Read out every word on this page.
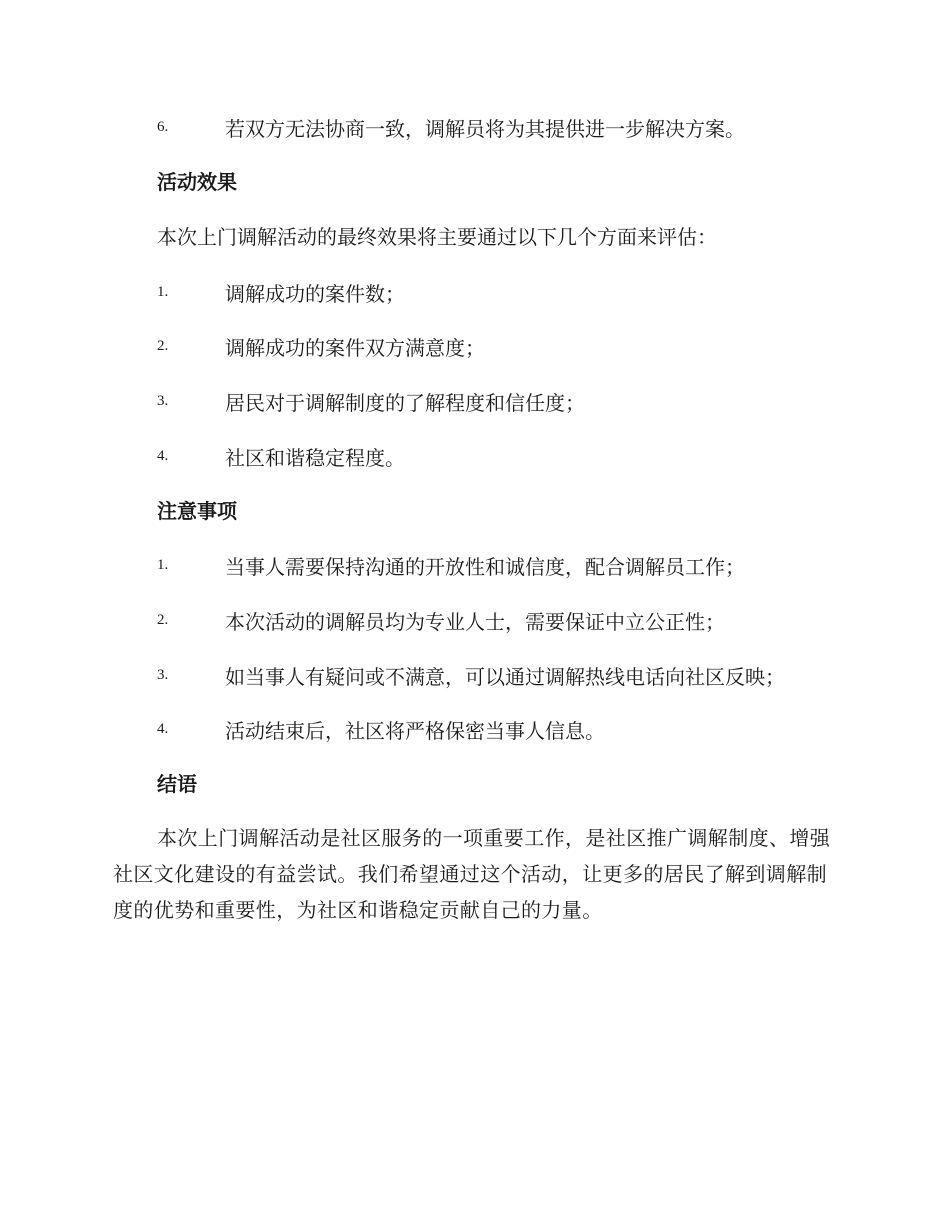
6.	若双方无法协商一致，调解员将为其提供进一步解决方案。
活动效果
本次上门调解活动的最终效果将主要通过以下几个方面来评估：
1.	调解成功的案件数；
2.	调解成功的案件双方满意度；
3.	居民对于调解制度的了解程度和信任度；
4.	社区和谐稳定程度。
注意事项
1.	当事人需要保持沟通的开放性和诚信度，配合调解员工作；
2.	本次活动的调解员均为专业人士，需要保证中立公正性；
3.	如当事人有疑问或不满意，可以通过调解热线电话向社区反映；
4.	活动结束后，社区将严格保密当事人信息。
结语
本次上门调解活动是社区服务的一项重要工作，是社区推广调解制度、增强社区文化建设的有益尝试。我们希望通过这个活动，让更多的居民了解到调解制度的优势和重要性，为社区和谐稳定贡献自己的力量。
